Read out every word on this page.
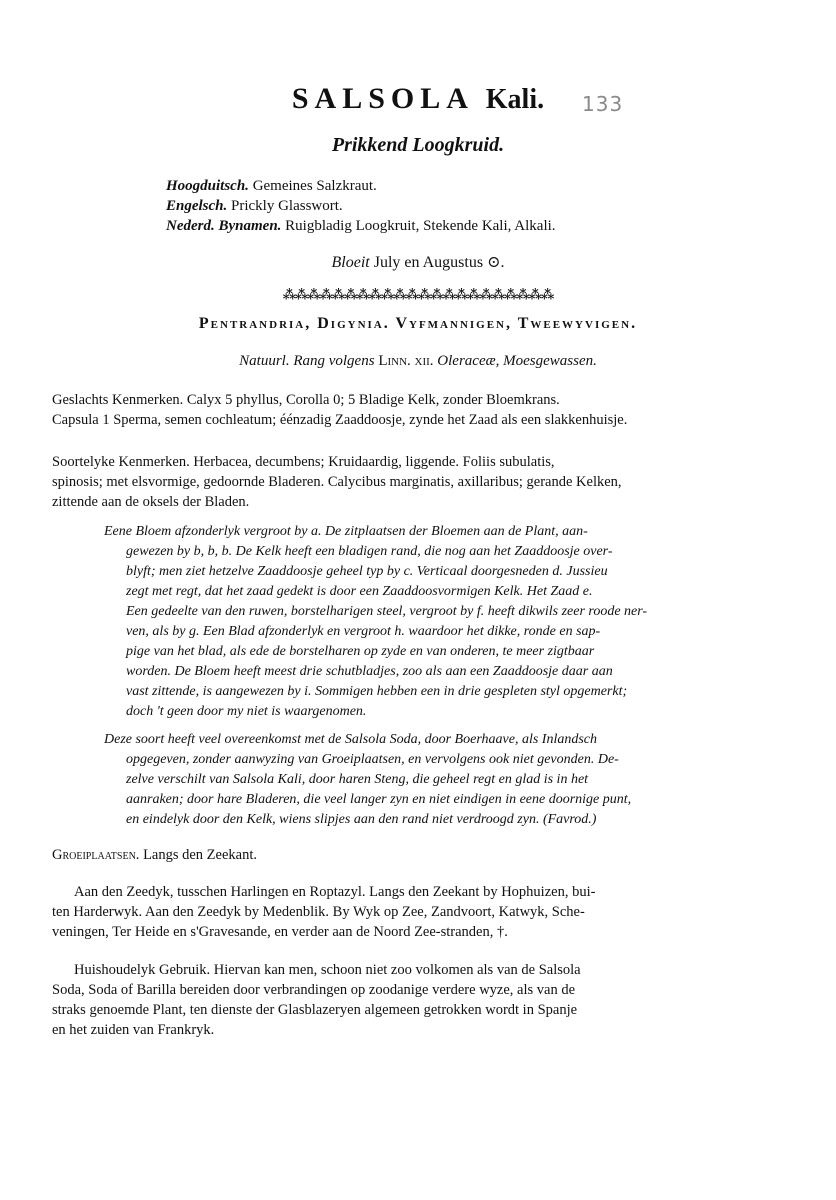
SALSOLA Kali.	133
Prikkend Loogkruid.
Hoogduitsch. Gemeines Salzkraut.
Engelsch. Prickly Glasswort.
Nederd. Bynamen. Ruigbladig Loogkruit, Stekende Kali, Alkali.
Bloeit July en Augustus ⊙.
⁂⁂⁂⁂⁂⁂⁂⁂⁂⁂⁂⁂⁂⁂⁂⁂⁂⁂⁂⁂⁂⁂
Pentrandria, Digynia. Vyfmannigen, Tweewyvigen.
Natuurl. Rang volgens Linn. xii. Oleraceæ, Moesgewassen.
Geslachts Kenmerken. Calyx 5 phyllus, Corolla 0; 5 Bladige Kelk, zonder Bloemkrans.
Capsula 1 Sperma, semen cochleatum; éénzadig Zaaddoosje, zynde het Zaad als een slakkenhuisje.
Soortelyke Kenmerken. Herbacea, decumbens; Kruidaardig, liggende. Foliis subulatis,
spinosis; met elsvormige, gedoornde Bladeren. Calycibus marginatis, axillaribus; gerande Kelken,
zittende aan de oksels der Bladen.
Eene Bloem afzonderlyk vergroot by a. De zitplaatsen der Bloemen aan de Plant, aan-
gewezen by b, b, b. De Kelk heeft een bladigen rand, die nog aan het Zaaddoosje over-
blyft; men ziet hetzelve Zaaddoosje geheel typ by c. Verticaal doorgesneden d. Jussieu
zegt met regt, dat het zaad gedekt is door een Zaaddoosvormigen Kelk. Het Zaad e.
Een gedeelte van den ruwen, borstelharigen steel, vergroot by f. heeft dikwils zeer roode ner-
ven, als by g. Een Blad afzonderlyk en vergroot h. waardoor het dikke, ronde en sap-
pige van het blad, als ede de borstelharen op zyde en van onderen, te meer zigtbaar
worden. De Bloem heeft meest drie schutbladjes, zoo als aan een Zaaddoosje daar aan
vast zittende, is aangewezen by i. Sommigen hebben een in drie gespleten styl opgemerkt;
doch 't geen door my niet is waargenomen.
Deze soort heeft veel overeenkomst met de Salsola Soda, door Boerhaave, als Inlandsch
opgegeven, zonder aanwyzing van Groeiplaatsen, en vervolgens ook niet gevonden. De-
zelve verschilt van Salsola Kali, door haren Steng, die geheel regt en glad is in het
aanraken; door hare Bladeren, die veel langer zyn en niet eindigen in eene doornige punt,
en eindelyk door den Kelk, wiens slipjes aan den rand niet verdroogd zyn. (Favrod.)
Groeiplaatsen. Langs den Zeekant.
Aan den Zeedyk, tusschen Harlingen en Roptazyl. Langs den Zeekant by Hophuizen, bui-
ten Harderwyk. Aan den Zeedyk by Medenblik. By Wyk op Zee, Zandvoort, Katwyk, Sche-
veningen, Ter Heide en s'Gravesande, en verder aan de Noord Zee-stranden, †.
Huishoudelyk Gebruik. Hiervan kan men, schoon niet zoo volkomen als van de Salsola
Soda, Soda of Barilla bereiden door verbrandingen op zoodanige verdere wyze, als van de
straks genoemde Plant, ten dienste der Glasblazeryen algemeen getrokken wordt in Spanje
en het zuiden van Frankryk.
